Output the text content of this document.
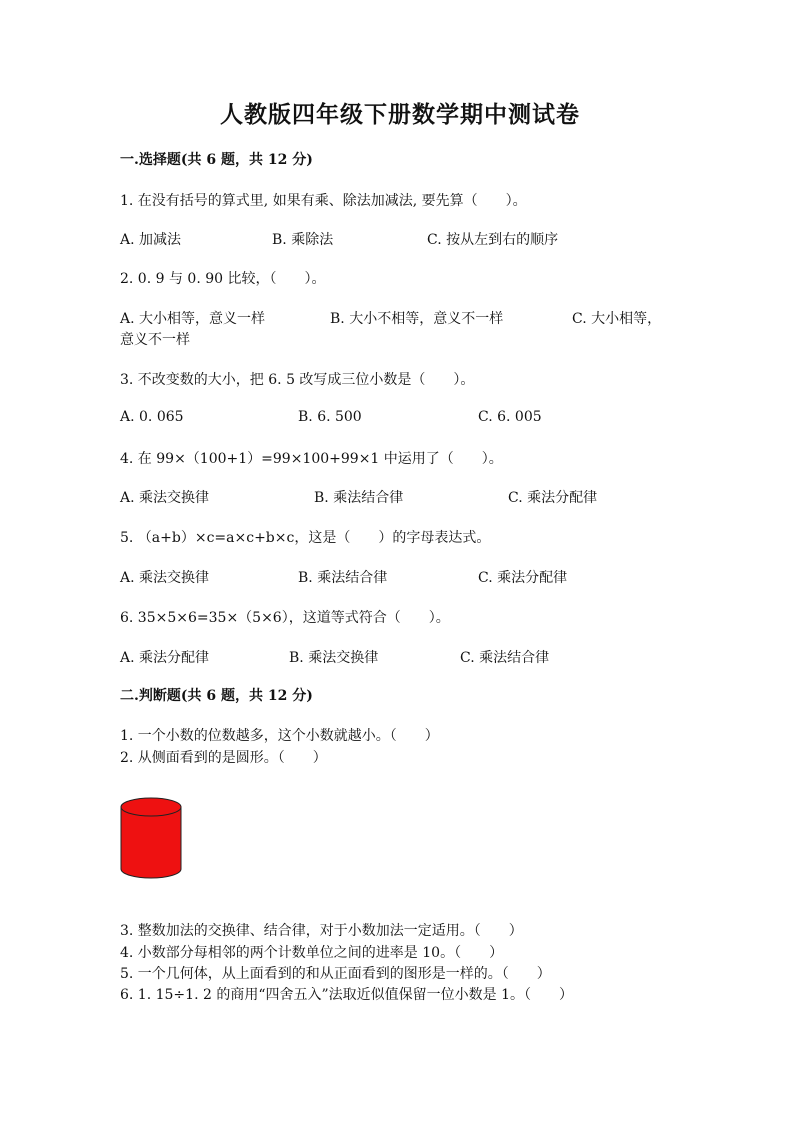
人教版四年级下册数学期中测试卷
一.选择题(共 6 题，共 12 分)
1. 在没有括号的算式里, 如果有乘、除法加减法, 要先算（　　）。
A. 加减法	B. 乘除法	C. 按从左到右的顺序
2. 0. 9 与 0. 90 比较，（　　）。
A. 大小相等，意义一样	B. 大小不相等，意义不一样	C. 大小相等，
意义不一样
3. 不改变数的大小，把 6. 5 改写成三位小数是（　　）。
A. 0. 065	B. 6. 500	C. 6. 005
4. 在 99×（100+1）=99×100+99×1 中运用了（　　）。
A. 乘法交换律	B. 乘法结合律	C. 乘法分配律
5. （a+b）×c=a×c+b×c，这是（　　）的字母表达式。
A. 乘法交换律	B. 乘法结合律	C. 乘法分配律
6. 35×5×6=35×（5×6），这道等式符合（　　）。
A. 乘法分配律	B. 乘法交换律	C. 乘法结合律
二.判断题(共 6 题，共 12 分)
1. 一个小数的位数越多，这个小数就越小。（　　）
2. 从侧面看到的是圆形。（　　）
3. 整数加法的交换律、结合律，对于小数加法一定适用。（　　）
4. 小数部分每相邻的两个计数单位之间的进率是 10。（　　）
5. 一个几何体，从上面看到的和从正面看到的图形是一样的。（　　）
6. 1. 15÷1. 2 的商用“四舍五入”法取近似值保留一位小数是 1。（　　）
